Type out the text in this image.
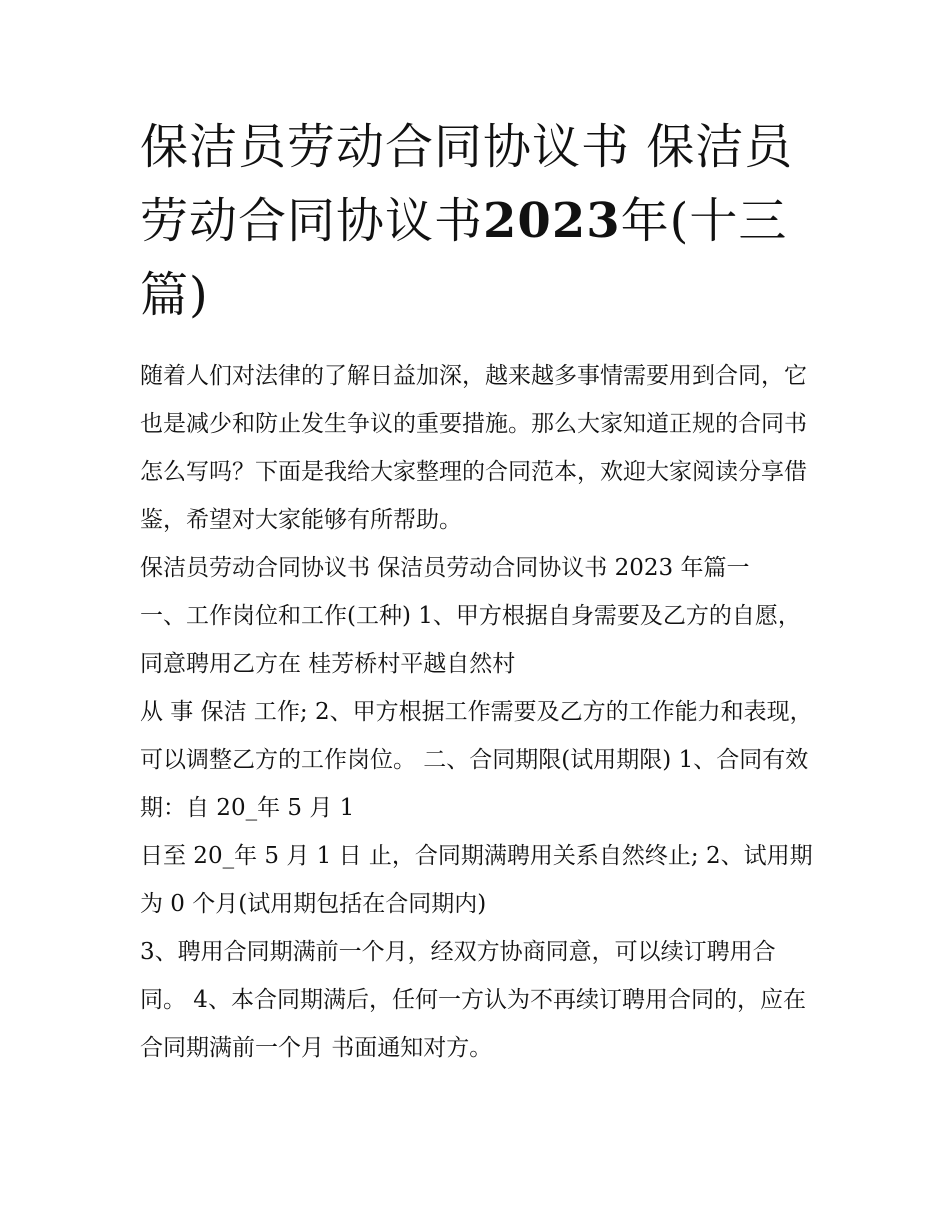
保洁员劳动合同协议书 保洁员劳动合同协议书2023年(十三篇)

随着人们对法律的了解日益加深，越来越多事情需要用到合同，它也是减少和防止发生争议的重要措施。那么大家知道正规的合同书怎么写吗？下面是我给大家整理的合同范本，欢迎大家阅读分享借鉴，希望对大家能够有所帮助。

保洁员劳动合同协议书 保洁员劳动合同协议书 2023 年篇一

一、工作岗位和工作(工种) 1、甲方根据自身需要及乙方的自愿，同意聘用乙方在 桂芳桥村平越自然村

从 事 保洁 工作; 2、甲方根据工作需要及乙方的工作能力和表现，可以调整乙方的工作岗位。 二、合同期限(试用期限) 1、合同有效期：自 20_年 5 月 1

日至 20_年 5 月 1 日 止，合同期满聘用关系自然终止; 2、试用期为 0 个月(试用期包括在合同期内)

3、聘用合同期满前一个月，经双方协商同意，可以续订聘用合同。 4、本合同期满后，任何一方认为不再续订聘用合同的，应在合同期满前一个月 书面通知对方。
